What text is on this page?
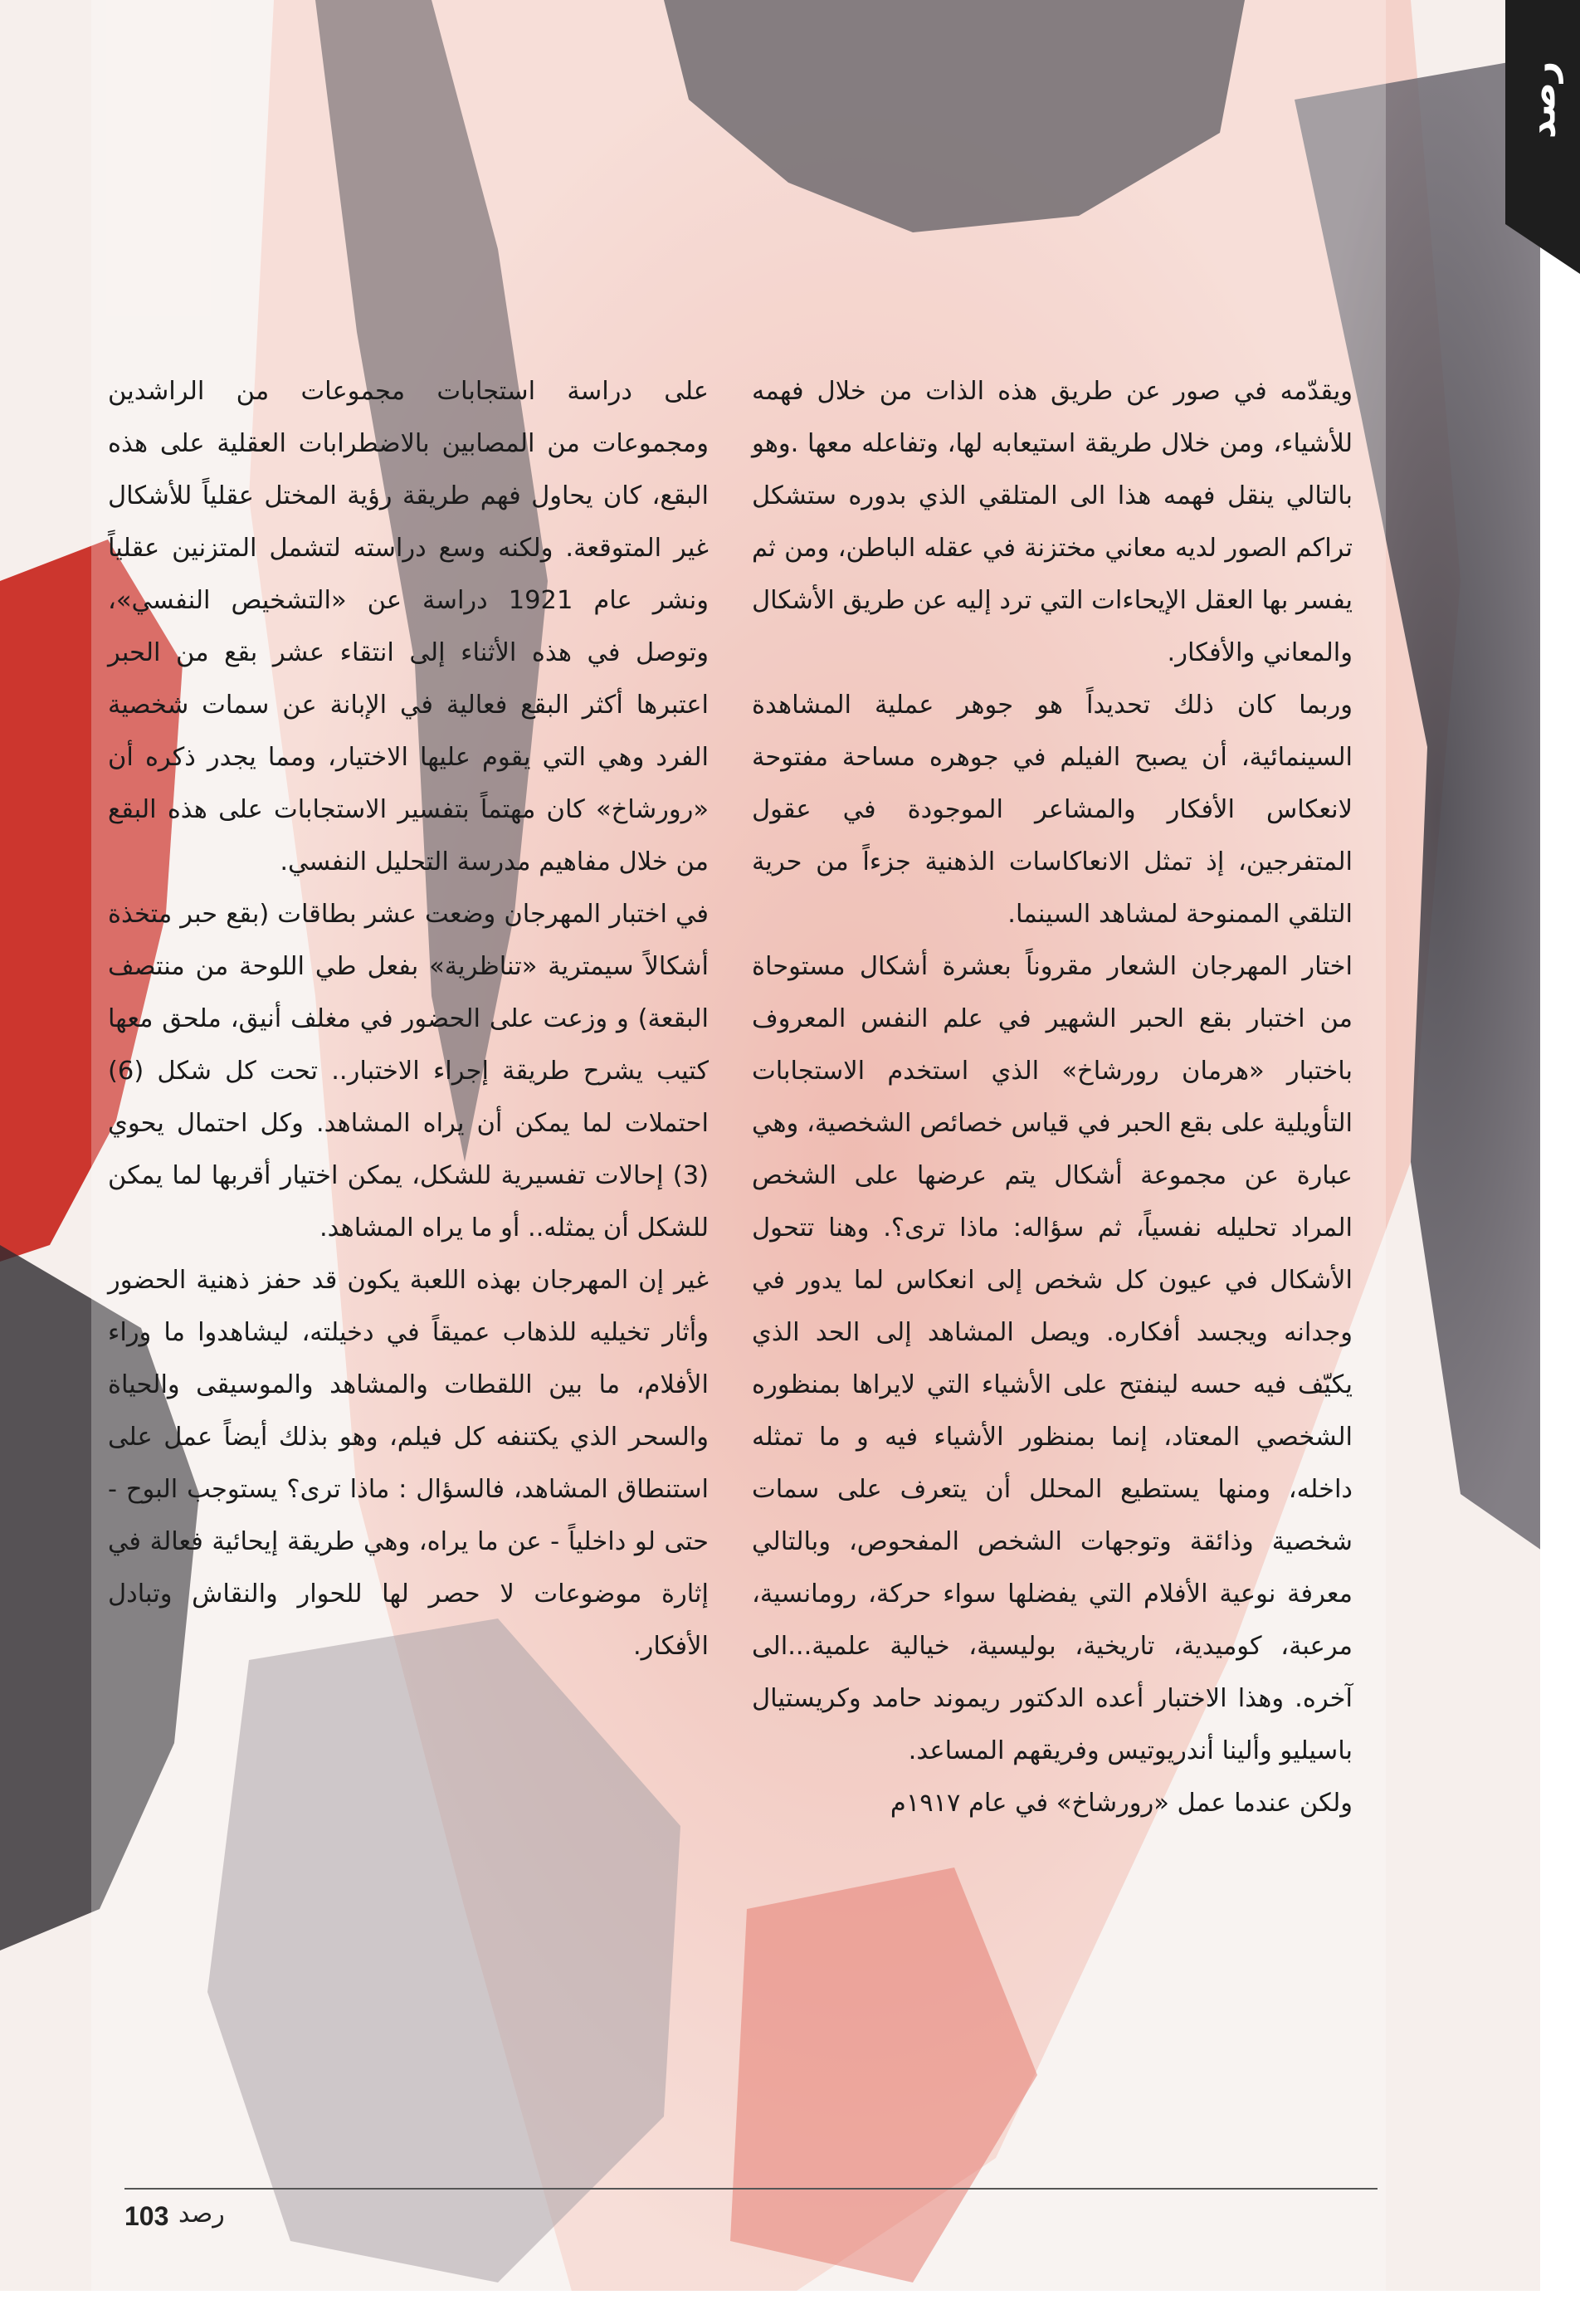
رصد

ويقدّمه في صور عن طريق هذه الذات من خلال فهمه للأشياء، ومن خلال طريقة استيعابه لها، وتفاعله معها .وهو بالتالي ينقل فهمه هذا الى المتلقي الذي بدوره ستشكل تراكم الصور لديه معاني مختزنة في عقله الباطن، ومن ثم يفسر بها العقل الإيحاءات التي ترد إليه عن طريق الأشكال والمعاني والأفكار.

وربما كان ذلك تحديداً هو جوهر عملية المشاهدة السينمائية، أن يصبح الفيلم في جوهره مساحة مفتوحة لانعكاس الأفكار والمشاعر الموجودة في عقول المتفرجين، إذ تمثل الانعاكاسات الذهنية جزءاً من حرية التلقي الممنوحة لمشاهد السينما.

اختار المهرجان الشعار مقروناً بعشرة أشكال مستوحاة من اختبار بقع الحبر الشهير في علم النفس المعروف باختبار «هرمان رورشاخ» الذي استخدم الاستجابات التأويلية على بقع الحبر في قياس خصائص الشخصية، وهي عبارة عن مجموعة أشكال يتم عرضها على الشخص المراد تحليله نفسياً، ثم سؤاله: ماذا ترى؟. وهنا تتحول الأشكال في عيون كل شخص إلى انعكاس لما يدور في وجدانه ويجسد أفكاره. ويصل المشاهد إلى الحد الذي يكيّف فيه حسه لينفتح على الأشياء التي لايراها بمنظوره الشخصي المعتاد، إنما بمنظور الأشياء فيه و ما تمثله داخله، ومنها يستطيع المحلل أن يتعرف على سمات شخصية وذائقة وتوجهات الشخص المفحوص، وبالتالي معرفة نوعية الأفلام التي يفضلها سواء حركة، رومانسية، مرعبة، كوميدية، تاريخية، بوليسية، خيالية علمية...الى آخره. وهذا الاختبار أعده الدكتور ريموند حامد وكريستيال باسيليو وألينا أندريوتيس وفريقهم المساعد.

ولكن عندما عمل «رورشاخ» في عام ١٩١٧م

على دراسة استجابات مجموعات من الراشدين ومجموعات من المصابين بالاضطرابات العقلية على هذه البقع، كان يحاول فهم طريقة رؤية المختل عقلياً للأشكال غير المتوقعة. ولكنه وسع دراسته لتشمل المتزنين عقلياً ونشر عام 1921 دراسة عن «التشخيص النفسي»، وتوصل في هذه الأثناء إلى انتقاء عشر بقع من الحبر اعتبرها أكثر البقع فعالية في الإبانة عن سمات شخصية الفرد وهي التي يقوم عليها الاختيار، ومما يجدر ذكره أن «رورشاخ» كان مهتماً بتفسير الاستجابات على هذه البقع من خلال مفاهيم مدرسة التحليل النفسي.

في اختبار المهرجان وضعت عشر بطاقات (بقع حبر متخذة أشكالاً سيمترية «تناظرية» بفعل طي اللوحة من منتصف البقعة) و وزعت على الحضور في مغلف أنيق، ملحق معها كتيب يشرح طريقة إجراء الاختبار.. تحت كل شكل (6) احتملات لما يمكن أن يراه المشاهد. وكل احتمال يحوي (3) إحالات تفسيرية للشكل، يمكن اختيار أقربها لما يمكن للشكل أن يمثله.. أو ما يراه المشاهد.

غير إن المهرجان بهذه اللعبة يكون قد حفز ذهنية الحضور وأثار تخيليه للذهاب عميقاً في دخيلته، ليشاهدوا ما وراء الأفلام، ما بين اللقطات والمشاهد والموسيقى والحياة والسحر الذي يكتنفه كل فيلم، وهو بذلك أيضاً عمل على استنطاق المشاهد، فالسؤال : ماذا ترى؟ يستوجب البوح - حتى لو داخلياً - عن ما يراه، وهي طريقة إيحائية فعالة في إثارة موضوعات لا حصر لها للحوار والنقاش وتبادل الأفكار.

103 رصد
